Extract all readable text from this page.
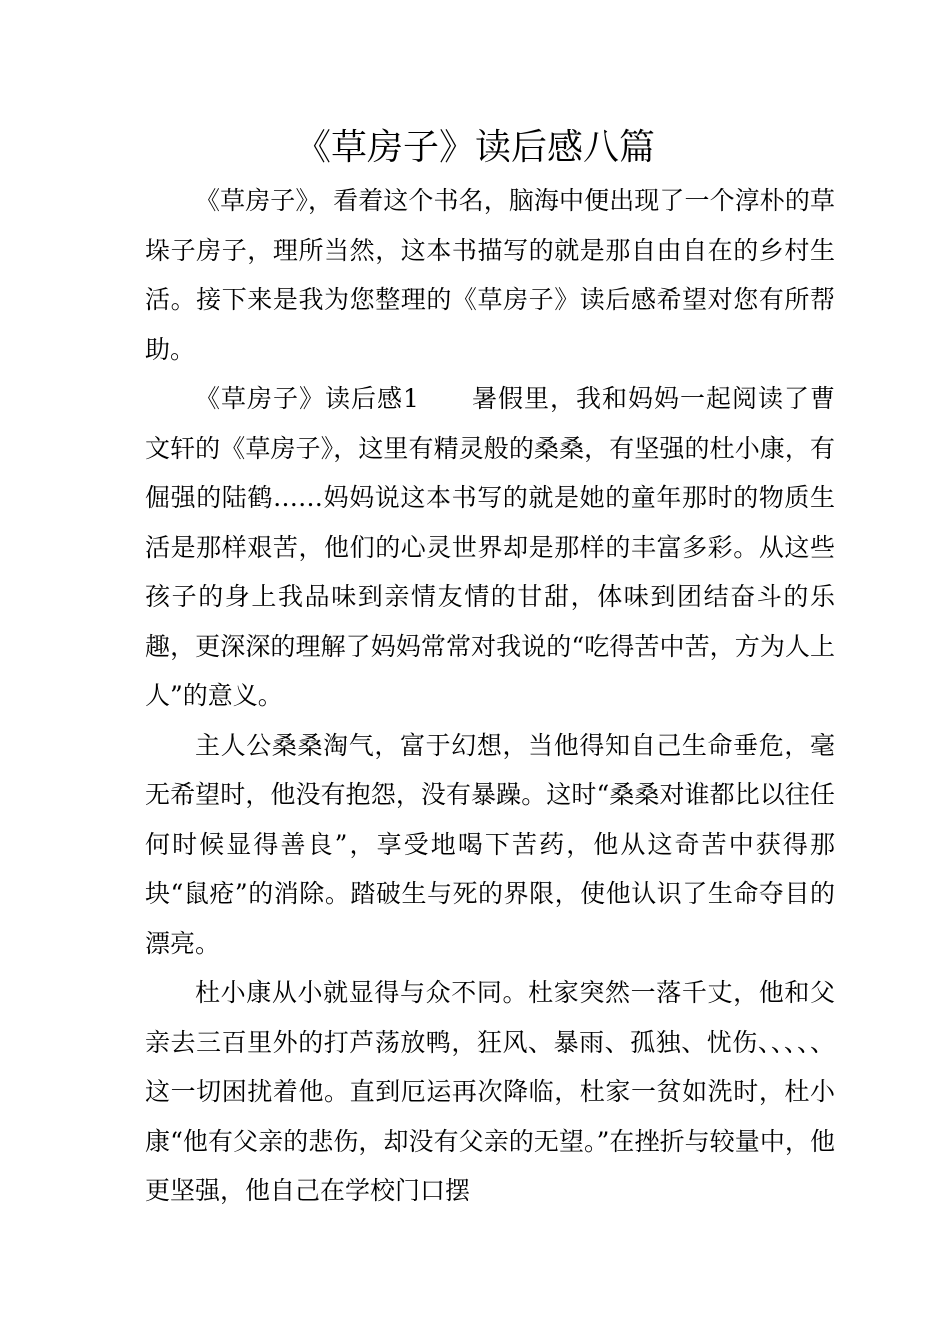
《草房子》读后感八篇

《草房子》，看着这个书名，脑海中便出现了一个淳朴的草垛子房子，理所当然，这本书描写的就是那自由自在的乡村生活。接下来是我为您整理的《草房子》读后感希望对您有所帮助。

《草房子》读后感1　　暑假里，我和妈妈一起阅读了曹文轩的《草房子》，这里有精灵般的桑桑，有坚强的杜小康，有倔强的陆鹤……妈妈说这本书写的就是她的童年那时的物质生活是那样艰苦，他们的心灵世界却是那样的丰富多彩。从这些孩子的身上我品味到亲情友情的甘甜，体味到团结奋斗的乐趣，更深深的理解了妈妈常常对我说的“吃得苦中苦，方为人上人”的意义。

主人公桑桑淘气，富于幻想，当他得知自己生命垂危，毫无希望时，他没有抱怨，没有暴躁。这时“桑桑对谁都比以往任何时候显得善良”，享受地喝下苦药，他从这奇苦中获得那块“鼠疮”的消除。踏破生与死的界限，使他认识了生命夺目的漂亮。

杜小康从小就显得与众不同。杜家突然一落千丈，他和父亲去三百里外的打芦荡放鸭，狂风、暴雨、孤独、忧伤、、、、、这一切困扰着他。直到厄运再次降临，杜家一贫如洗时，杜小康“他有父亲的悲伤，却没有父亲的无望。”在挫折与较量中，他更坚强，他自己在学校门口摆
